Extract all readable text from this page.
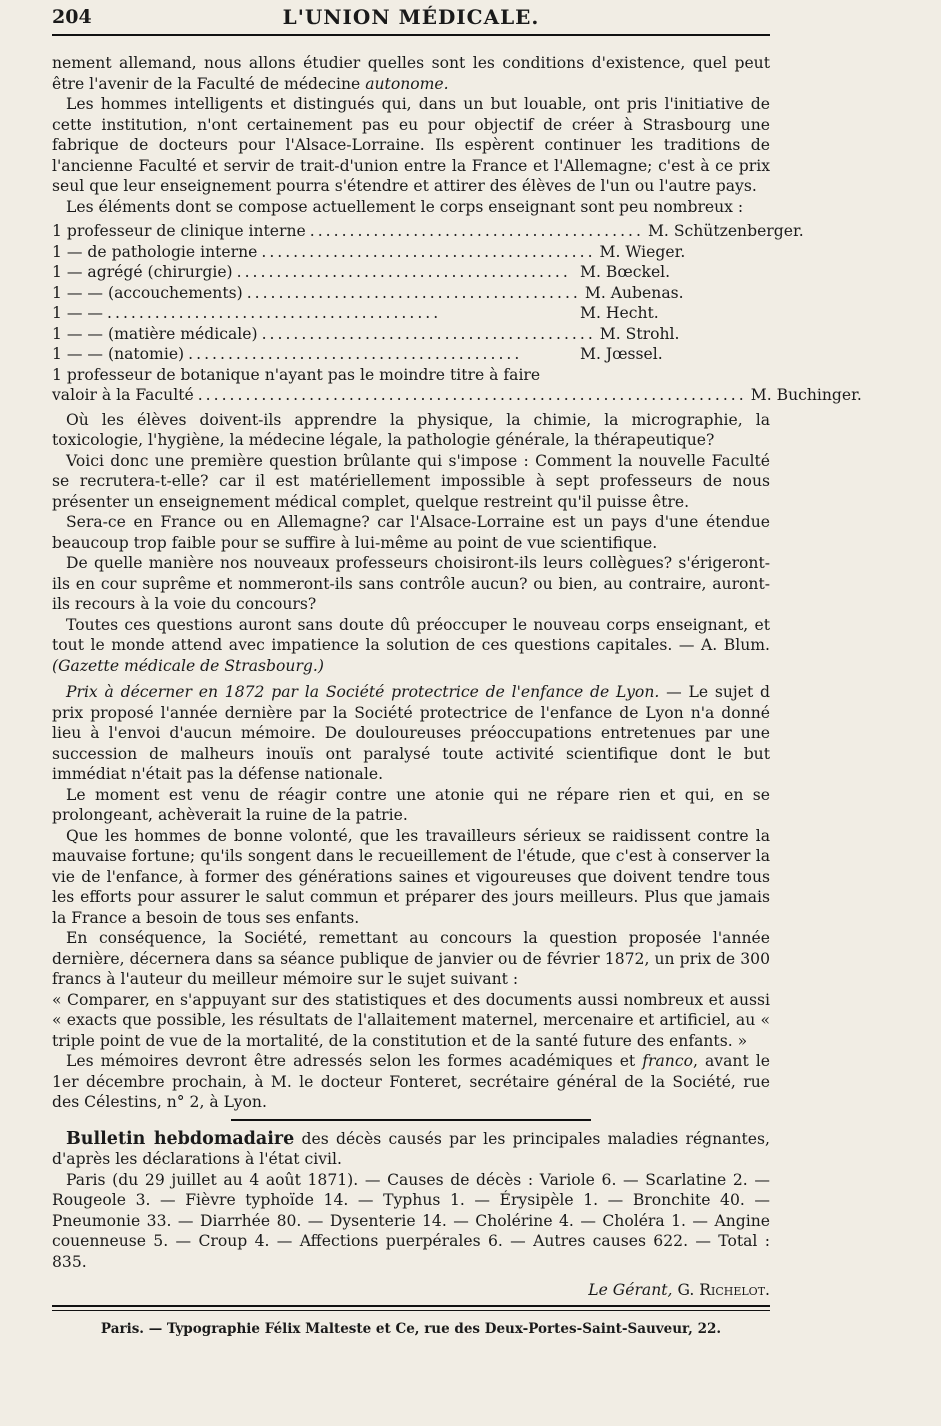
204	L'UNION MÉDICALE.

nement allemand, nous allons étudier quelles sont les conditions d'existence, quel peut être l'avenir de la Faculté de médecine autonome.

Les hommes intelligents et distingués qui, dans un but louable, ont pris l'initiative de cette institution, n'ont certainement pas eu pour objectif de créer à Strasbourg une fabrique de docteurs pour l'Alsace-Lorraine. Ils espèrent continuer les traditions de l'ancienne Faculté et servir de trait-d'union entre la France et l'Allemagne; c'est à ce prix seul que leur enseignement pourra s'étendre et attirer des élèves de l'un ou l'autre pays.

Les éléments dont se compose actuellement le corps enseignant sont peu nombreux :

1 professeur de clinique interne .......................................... M. Schützenberger.
1 — de pathologie interne .......................................... M. Wieger.
1 — agrégé (chirurgie) .......................................... M. Bœckel.
1 — — (accouchements) .......................................... M. Aubenas.
1 — — ..........................................	M. Hecht.
1 — — (matière médicale) .......................................... M. Strohl.
1 — — (natomie) ..........................................	M. Jœssel.
1 professeur de botanique n'ayant pas le moindre titre à faire
valoir à la Faculté ..................................................................... M. Buchinger.

Où les élèves doivent-ils apprendre la physique, la chimie, la micrographie, la toxicologie, l'hygiène, la médecine légale, la pathologie générale, la thérapeutique?

Voici donc une première question brûlante qui s'impose : Comment la nouvelle Faculté se recrutera-t-elle? car il est matériellement impossible à sept professeurs de nous présenter un enseignement médical complet, quelque restreint qu'il puisse être.

Sera-ce en France ou en Allemagne? car l'Alsace-Lorraine est un pays d'une étendue beaucoup trop faible pour se suffire à lui-même au point de vue scientifique.

De quelle manière nos nouveaux professeurs choisiront-ils leurs collègues? s'érigeront-ils en cour suprême et nommeront-ils sans contrôle aucun? ou bien, au contraire, auront-ils recours à la voie du concours?

Toutes ces questions auront sans doute dû préoccuper le nouveau corps enseignant, et tout le monde attend avec impatience la solution de ces questions capitales. — A. Blum. (Gazette médicale de Strasbourg.)

Prix à décerner en 1872 par la Société protectrice de l'enfance de Lyon. — Le sujet d prix proposé l'année dernière par la Société protectrice de l'enfance de Lyon n'a donné lieu à l'envoi d'aucun mémoire. De douloureuses préoccupations entretenues par une succession de malheurs inouïs ont paralysé toute activité scientifique dont le but immédiat n'était pas la défense nationale.

Le moment est venu de réagir contre une atonie qui ne répare rien et qui, en se prolongeant, achèverait la ruine de la patrie.

Que les hommes de bonne volonté, que les travailleurs sérieux se raidissent contre la mauvaise fortune; qu'ils songent dans le recueillement de l'étude, que c'est à conserver la vie de l'enfance, à former des générations saines et vigoureuses que doivent tendre tous les efforts pour assurer le salut commun et préparer des jours meilleurs. Plus que jamais la France a besoin de tous ses enfants.

En conséquence, la Société, remettant au concours la question proposée l'année dernière, décernera dans sa séance publique de janvier ou de février 1872, un prix de 300 francs à l'auteur du meilleur mémoire sur le sujet suivant :

« Comparer, en s'appuyant sur des statistiques et des documents aussi nombreux et aussi « exacts que possible, les résultats de l'allaitement maternel, mercenaire et artificiel, au « triple point de vue de la mortalité, de la constitution et de la santé future des enfants. »

Les mémoires devront être adressés selon les formes académiques et franco, avant le 1er décembre prochain, à M. le docteur Fonteret, secrétaire général de la Société, rue des Célestins, n° 2, à Lyon.

Bulletin hebdomadaire des décès causés par les principales maladies régnantes, d'après les déclarations à l'état civil.

Paris (du 29 juillet au 4 août 1871). — Causes de décès : Variole 6. — Scarlatine 2. — Rougeole 3. — Fièvre typhoïde 14. — Typhus 1. — Érysipèle 1. — Bronchite 40. — Pneumonie 33. — Diarrhée 80. — Dysenterie 14. — Cholérine 4. — Choléra 1. — Angine couenneuse 5. — Croup 4. — Affections puerpérales 6. — Autres causes 622. — Total : 835.

Le Gérant, G. Richelot.
Paris. — Typographie Félix Malteste et Ce, rue des Deux-Portes-Saint-Sauveur, 22.
